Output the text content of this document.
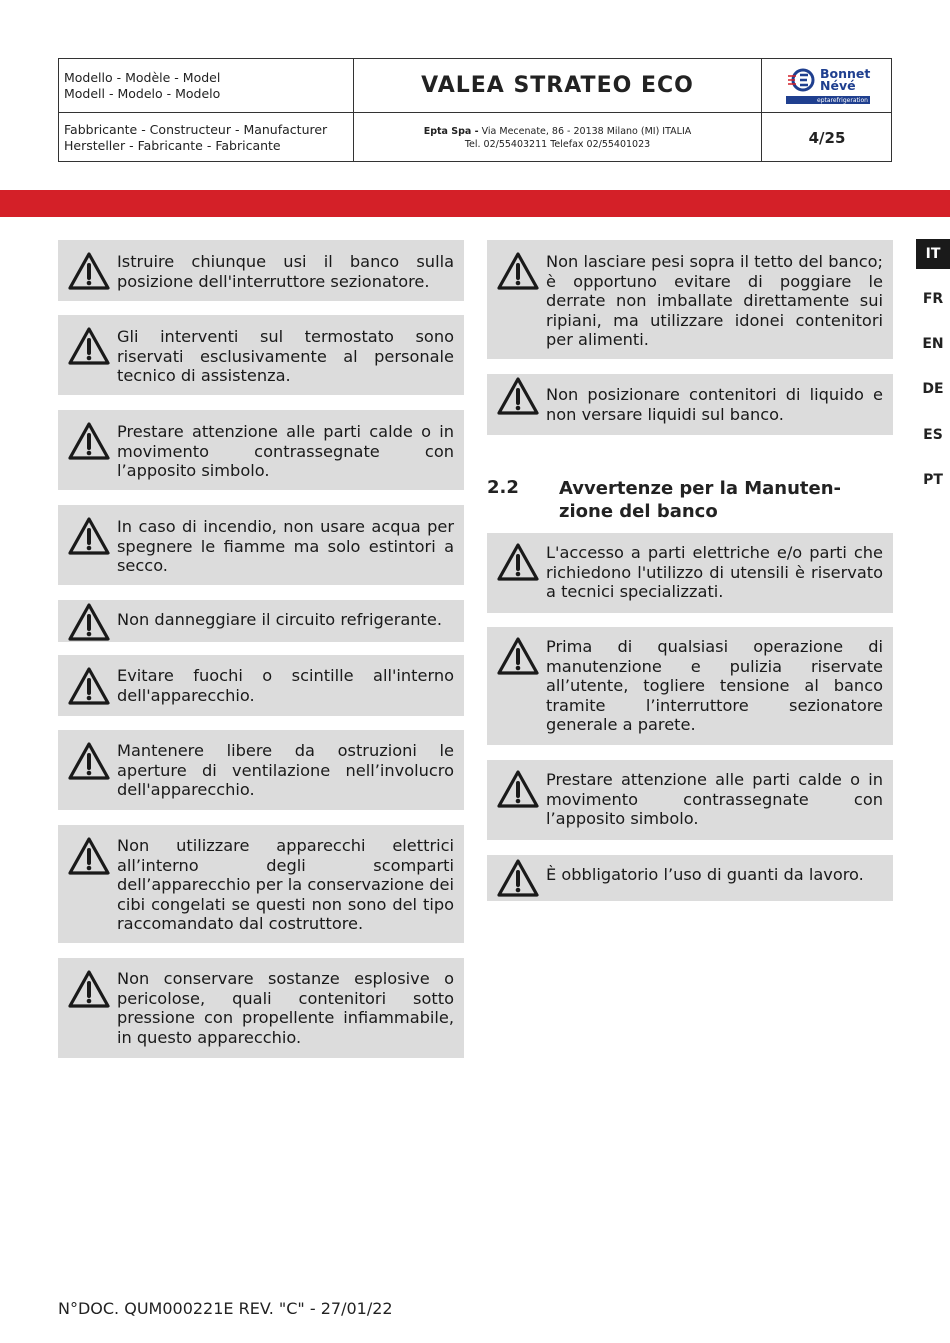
Modello - Modèle - Model
Modell - Modelo - Modelo
Fabbricante - Constructeur - Manufacturer
Hersteller - Fabricante - Fabricante
VALEA STRATEO ECO
Epta Spa - Via Mecenate, 86 - 20138 Milano (MI) ITALIA
Tel. 02/55403211 Telefax 02/55401023
Bonnet
Névé
eptarefrigeration
4/25
IT
FR
EN
DE
ES
PT
Istruire chiunque usi il banco sulla posizione dell'interruttore sezionatore.
Gli interventi sul termostato sono riservati esclusivamente al personale tecnico di assistenza.
Prestare attenzione alle parti calde o in movimento contrassegnate con l’apposito simbolo.
In caso di incendio, non usare acqua per spegnere le fiamme ma solo estintori a secco.
Non danneggiare il circuito refrigerante.
Evitare fuochi o scintille all'interno dell'apparecchio.
Mantenere libere da ostruzioni le aperture di ventilazione nell’involucro dell'apparecchio.
Non utilizzare apparecchi elettrici all’interno degli scomparti dell’apparecchio per la conservazione dei cibi congelati se questi non sono del tipo raccomandato dal costruttore.
Non conservare sostanze esplosive o pericolose, quali contenitori sotto pressione con propellente infiammabile, in questo apparecchio.
Non lasciare pesi sopra il tetto del banco; è opportuno evitare di poggiare le derrate non imballate direttamente sui ripiani, ma utilizzare idonei contenitori per alimenti.
Non posizionare contenitori di liquido e non versare liquidi sul banco.
2.2 Avvertenze per la Manuten-
zione del banco
L'accesso a parti elettriche e/o parti che richiedono l'utilizzo di utensili è riservato a tecnici specializzati.
Prima di qualsiasi operazione di manutenzione e pulizia riservate all’utente, togliere tensione al banco tramite l’interruttore sezionatore generale a parete.
Prestare attenzione alle parti calde o in movimento contrassegnate con l’apposito simbolo.
È obbligatorio l’uso di guanti da lavoro.
N°DOC. QUM000221E REV. "C" - 27/01/22
